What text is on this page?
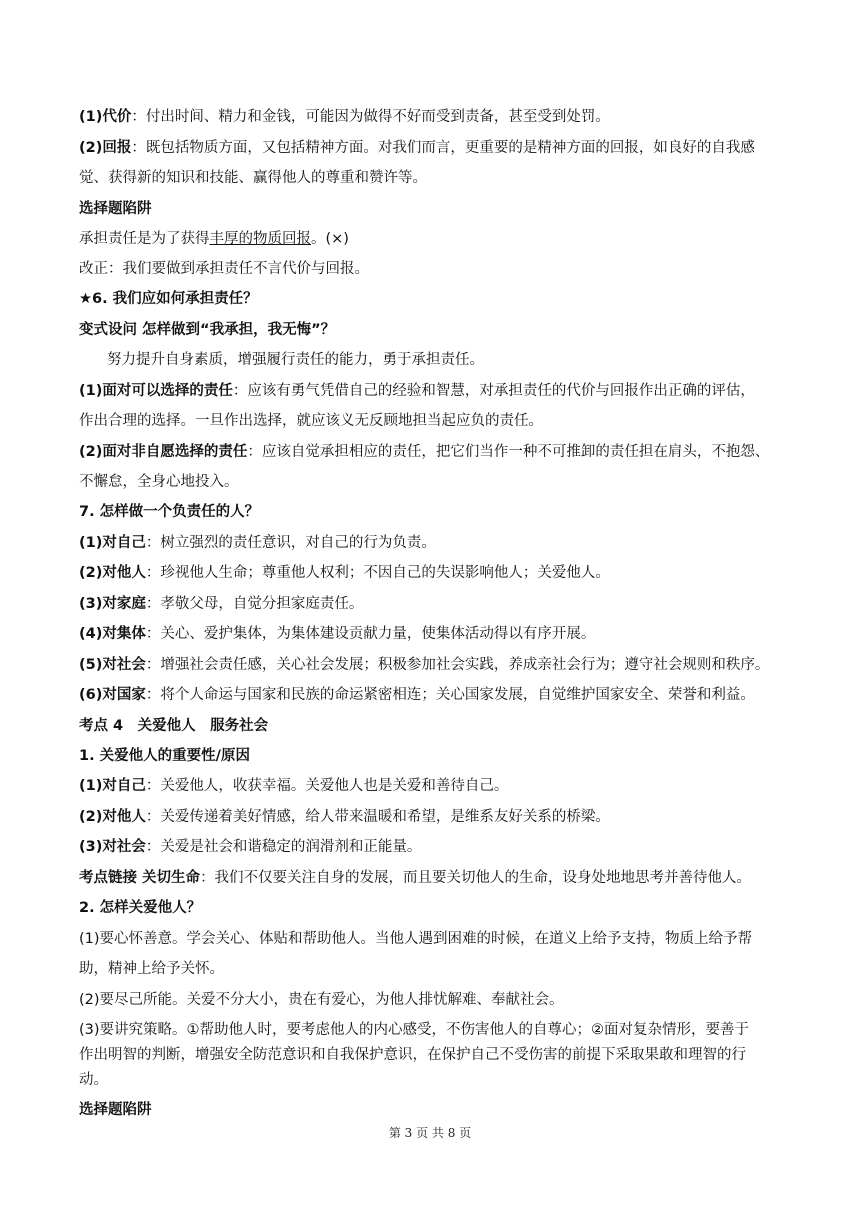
(1)代价：付出时间、精力和金钱，可能因为做得不好而受到责备，甚至受到处罚。
(2)回报：既包括物质方面，又包括精神方面。对我们而言，更重要的是精神方面的回报，如良好的自我感
觉、获得新的知识和技能、赢得他人的尊重和赞许等。
选择题陷阱
承担责任是为了获得丰厚的物质回报。(×)
改正：我们要做到承担责任不言代价与回报。
★6. 我们应如何承担责任？
变式设问 怎样做到“我承担，我无悔”？
努力提升自身素质，增强履行责任的能力，勇于承担责任。
(1)面对可以选择的责任：应该有勇气凭借自己的经验和智慧，对承担责任的代价与回报作出正确的评估，
作出合理的选择。一旦作出选择，就应该义无反顾地担当起应负的责任。
(2)面对非自愿选择的责任：应该自觉承担相应的责任，把它们当作一种不可推卸的责任担在肩头，不抱怨、
不懈怠，全身心地投入。
7. 怎样做一个负责任的人？
(1)对自己：树立强烈的责任意识，对自己的行为负责。
(2)对他人：珍视他人生命；尊重他人权利；不因自己的失误影响他人；关爱他人。
(3)对家庭：孝敬父母，自觉分担家庭责任。
(4)对集体：关心、爱护集体，为集体建设贡献力量，使集体活动得以有序开展。
(5)对社会：增强社会责任感，关心社会发展；积极参加社会实践，养成亲社会行为；遵守社会规则和秩序。
(6)对国家：将个人命运与国家和民族的命运紧密相连；关心国家发展，自觉维护国家安全、荣誉和利益。
考点 4　关爱他人　服务社会
1. 关爱他人的重要性/原因
(1)对自己：关爱他人，收获幸福。关爱他人也是关爱和善待自己。
(2)对他人：关爱传递着美好情感，给人带来温暖和希望，是维系友好关系的桥梁。
(3)对社会：关爱是社会和谐稳定的润滑剂和正能量。
考点链接 关切生命：我们不仅要关注自身的发展，而且要关切他人的生命，设身处地地思考并善待他人。
2. 怎样关爱他人？
(1)要心怀善意。学会关心、体贴和帮助他人。当他人遇到困难的时候，在道义上给予支持，物质上给予帮
助，精神上给予关怀。
(2)要尽己所能。关爱不分大小，贵在有爱心，为他人排忧解难、奉献社会。
(3)要讲究策略。①帮助他人时，要考虑他人的内心感受，不伤害他人的自尊心；②面对复杂情形，要善于
作出明智的判断，增强安全防范意识和自我保护意识，在保护自己不受伤害的前提下采取果敢和理智的行
动。
选择题陷阱
第 3 页 共 8 页
